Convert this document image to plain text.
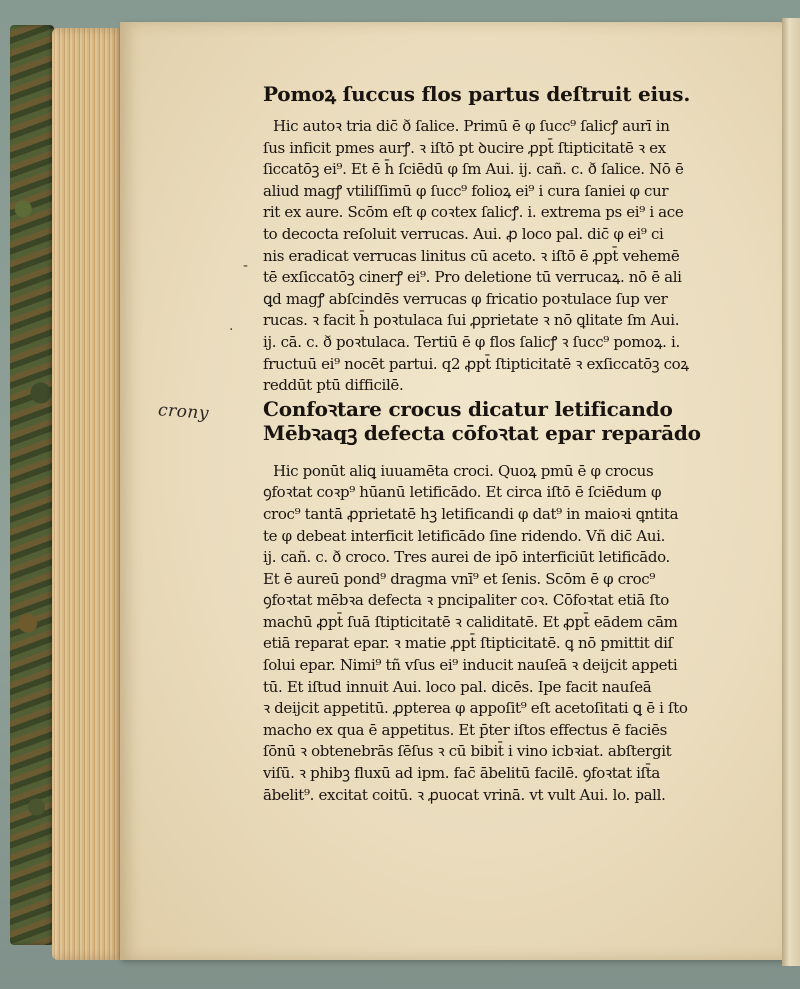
crony
-
·
Pomoꝝ ſuccus flos partus deſtruit eius.
Hic autoꝛ tria dic̄ ð ſalice. Primū ē φ ſucc⁹ ſalicꝭ aurī in
ſus inficit pmes aurꝭ. ꝛ iſtō pt ꝺucire ꝓpt̄ ſtipticitatē ꝛ ex
ſiccatōꝫ ei⁹. Et ē h̄ ſciēdū φ ſm Aui. ij. cañ. c. ð ſalice. Nō ē
aliud magꝭ vtiliſſimū φ ſucc⁹ folioꝝ ei⁹ i cura ſaniei φ cur
rit ex aure. Scōm eſt φ coꝛtex ſalicꝭ. i. extrema ps ei⁹ i ace
to decocta reſoluit verrucas. Aui. ꝓ loco pal. dic̄ φ ei⁹ ci
nis eradicat verrucas linitus cū aceto. ꝛ iſtō ē ꝓpt̄ vehemē
tē exſiccatōꝫ cinerꝭ ei⁹. Pro deletione tū verrucaꝝ. nō ē ali
ꝗd magꝭ abſcindēs verrucas φ fricatio poꝛtulace ſup ver
rucas. ꝛ facit h̄ poꝛtulaca ſui ꝓprietate ꝛ nō ꝗlitate ſm Aui.
ij. cā. c. ð poꝛtulaca. Tertiū ē φ flos ſalicꝭ ꝛ ſucc⁹ pomoꝝ. i.
fructuū ei⁹ nocēt partui. q2 ꝓpt̄ ſtipticitatē ꝛ exſiccatōꝫ coꝝ
reddūt ptū difficilē.
Confoꝛtare crocus dicatur letificando
Mēbꝛaqꝫ defecta cōfoꝛtat epar reparādo
Hic ponūt aliꝗ iuuamēta croci. Quoꝝ pmū ē φ crocus
ꝯfoꝛtat coꝛp⁹ hūanū letificādo. Et circa iſtō ē ſciēdum φ
croc⁹ tantā ꝓprietatē hꝫ letificandi φ dat⁹ in maioꝛi ꝗntita
te φ debeat interficit letificādo ſine ridendo. Vñ dic̄ Aui.
ij. cañ. c. ð croco. Tres aurei de ipō interficiūt letificādo.
Et ē aureū pond⁹ dragma vnī⁹ et ſenis. Scōm ē φ croc⁹
ꝯfoꝛtat mēbꝛa defecta ꝛ pncipaliter coꝛ. Cōfoꝛtat etiā ſto
machū ꝓpt̄ ſuā ſtipticitatē ꝛ caliditatē. Et ꝓpt̄ eādem cām
etiā reparat epar. ꝛ matie ꝓpt̄ ſtipticitatē. ꝗ nō pmittit diſ
ſolui epar. Nimi⁹ tñ vſus ei⁹ inducit nauſeā ꝛ deijcit appeti
tū. Et iſtud innuit Aui. loco pal. dicēs. Ipe facit nauſeā
ꝛ deijcit appetitū. ꝓpterea φ appoſit⁹ eſt acetoſitati ꝗ ē i ſto
macho ex qua ē appetitus. Et p̄ter iſtos effectus ē faciēs
ſōnū ꝛ obtenebrās ſēſus ꝛ cū bibit̄ i vino icbꝛiat. abſtergit
viſū. ꝛ phibꝫ fluxū ad ipm. fac̄ ābelitū facilē. ꝯfoꝛtat iſt̄a
ābelit⁹. excitat coitū. ꝛ ꝓuocat vrinā. vt vult Aui. lo. pall.
